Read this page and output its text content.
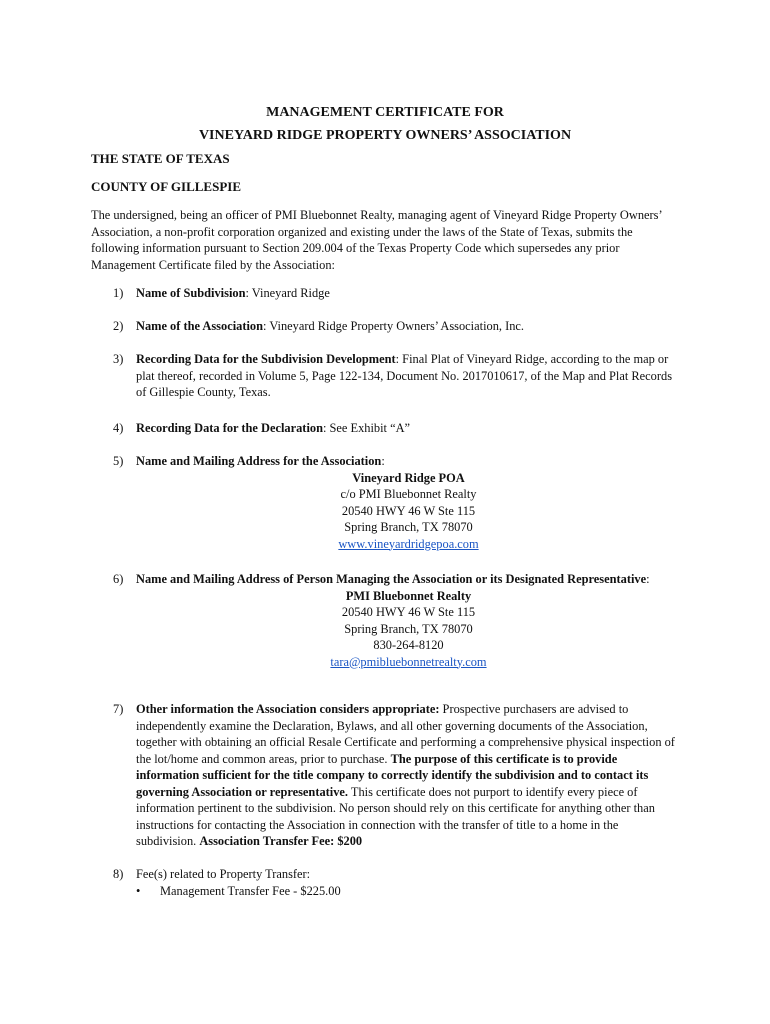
MANAGEMENT CERTIFICATE FOR
VINEYARD RIDGE PROPERTY OWNERS’ ASSOCIATION
THE STATE OF TEXAS
COUNTY OF GILLESPIE

The undersigned, being an officer of PMI Bluebonnet Realty, managing agent of Vineyard Ridge Property Owners’ Association, a non-profit corporation organized and existing under the laws of the State of Texas, submits the following information pursuant to Section 209.004 of the Texas Property Code which supersedes any prior Management Certificate filed by the Association:

1) Name of Subdivision: Vineyard Ridge
2) Name of the Association: Vineyard Ridge Property Owners’ Association, Inc.
3) Recording Data for the Subdivision Development: Final Plat of Vineyard Ridge, according to the map or plat thereof, recorded in Volume 5, Page 122-134, Document No. 2017010617, of the Map and Plat Records of Gillespie County, Texas.
4) Recording Data for the Declaration: See Exhibit “A”
5) Name and Mailing Address for the Association:
Vineyard Ridge POA
c/o PMI Bluebonnet Realty
20540 HWY 46 W Ste 115
Spring Branch, TX 78070
www.vineyardridgepoa.com
6) Name and Mailing Address of Person Managing the Association or its Designated Representative:
PMI Bluebonnet Realty
20540 HWY 46 W Ste 115
Spring Branch, TX 78070
830-264-8120
tara@pmibluebonnetrealty.com
7) Other information the Association considers appropriate: Prospective purchasers are advised to independently examine the Declaration, Bylaws, and all other governing documents of the Association, together with obtaining an official Resale Certificate and performing a comprehensive physical inspection of the lot/home and common areas, prior to purchase. The purpose of this certificate is to provide information sufficient for the title company to correctly identify the subdivision and to contact its governing Association or representative. This certificate does not purport to identify every piece of information pertinent to the subdivision. No person should rely on this certificate for anything other than instructions for contacting the Association in connection with the transfer of title to a home in the subdivision. Association Transfer Fee: $200
8) Fee(s) related to Property Transfer:
• Management Transfer Fee - $225.00
